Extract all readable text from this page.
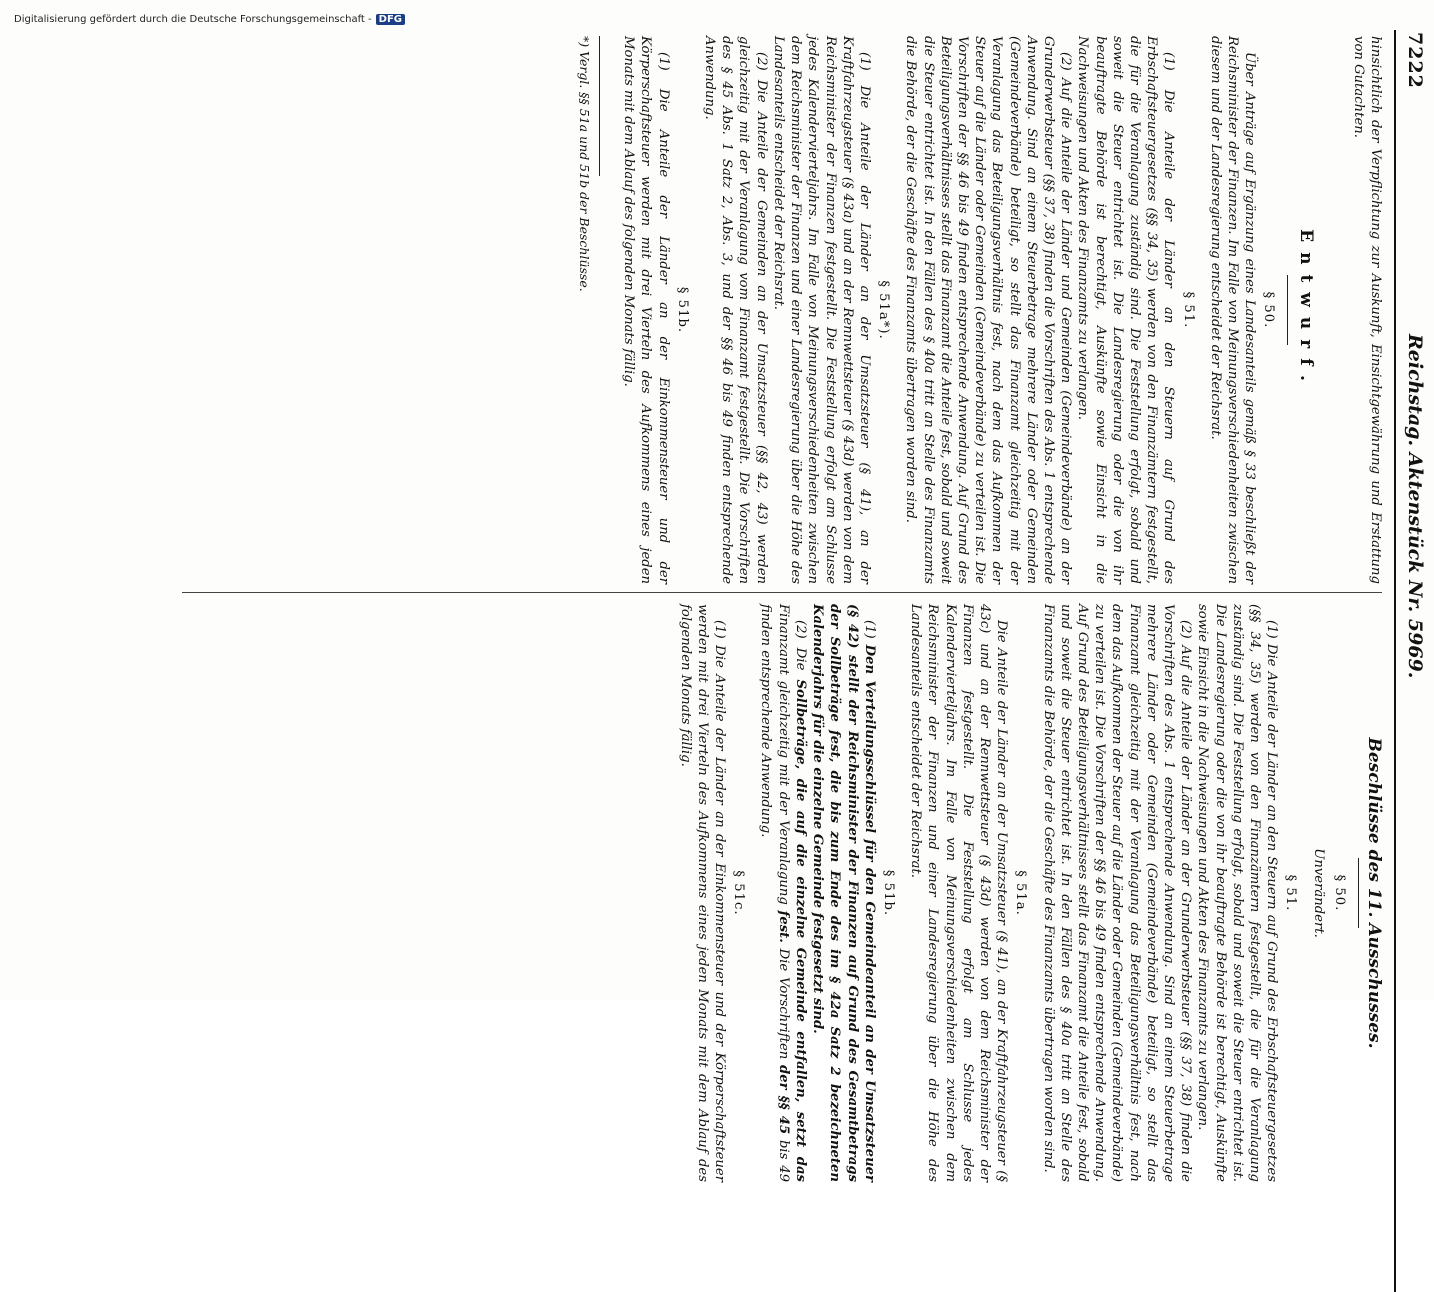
7222
Reichstag. Aktenstück Nr. 5969.

hinsichtlich der Verpflichtung zur Auskunft, Einsichtgewährung und Erstattung von Gutachten.

Entwurf.
§ 50.

Über Anträge auf Ergänzung eines Landesanteils gemäß § 33 beschließt der Reichsminister der Finanzen. Im Falle von Meinungsverschiedenheiten zwischen diesem und der Landesregierung entscheidet der Reichsrat.

§ 51.

(1) Die Anteile der Länder an den Steuern auf Grund des Erbschaftsteuergesetzes (§§ 34, 35) werden von den Finanzämtern festgestellt, die für die Veranlagung zuständig sind. Die Feststellung erfolgt, sobald und soweit die Steuer entrichtet ist. Die Landesregierung oder die von ihr beauftragte Behörde ist berechtigt, Auskünfte sowie Einsicht in die Nachweisungen und Akten des Finanzamts zu verlangen.

(2) Auf die Anteile der Länder und Gemeinden (Gemeindeverbände) an der Grunderwerbsteuer (§§ 37, 38) finden die Vorschriften des Abs. 1 entsprechende Anwendung. Sind an einem Steuerbetrage mehrere Länder oder Gemeinden (Gemeindeverbände) beteiligt, so stellt das Finanzamt gleichzeitig mit der Veranlagung das Beteiligungsverhältnis fest, nach dem das Aufkommen der Steuer auf die Länder oder Gemeinden (Gemeindeverbände) zu verteilen ist. Die Vorschriften der §§ 46 bis 49 finden entsprechende Anwendung. Auf Grund des Beteiligungsverhältnisses stellt das Finanzamt die Anteile fest, sobald und soweit die Steuer entrichtet ist. In den Fällen des § 40a tritt an Stelle des Finanzamts die Behörde, der die Geschäfte des Finanzamts übertragen worden sind.

§ 51a*).

(1) Die Anteile der Länder an der Umsatzsteuer (§ 41), an der Kraftfahrzeugsteuer (§ 43a) und an der Rennwettsteuer (§ 43d) werden von dem Reichsminister der Finanzen festgestellt. Die Feststellung erfolgt am Schlusse jedes Kalendervierteljahrs. Im Falle von Meinungsverschiedenheiten zwischen dem Reichsminister der Finanzen und einer Landesregierung über die Höhe des Landesanteils entscheidet der Reichsrat.

(2) Die Anteile der Gemeinden an der Umsatzsteuer (§§ 42, 43) werden gleichzeitig mit der Veranlagung vom Finanzamt festgestellt. Die Vorschriften des § 45 Abs. 1 Satz 2, Abs. 3, und der §§ 46 bis 49 finden entsprechende Anwendung.

§ 51b.

(1) Die Anteile der Länder an der Einkommensteuer und der Körperschaftsteuer werden mit drei Vierteln des Aufkommens eines jeden Monats mit dem Ablauf des folgenden Monats fällig.

*) Vergl. §§ 51a und 51b der Beschlüsse.
Beschlüsse des 11. Ausschusses.
§ 50.
Unverändert.
§ 51.

(1) Die Anteile der Länder an den Steuern auf Grund des Erbschaftsteuergesetzes (§§ 34, 35) werden von den Finanzämtern festgestellt, die für die Veranlagung zuständig sind. Die Feststellung erfolgt, sobald und soweit die Steuer entrichtet ist. Die Landesregierung oder die von ihr beauftragte Behörde ist berechtigt, Auskünfte sowie Einsicht in die Nachweisungen und Akten des Finanzamts zu verlangen.

(2) Auf die Anteile der Länder an der Grunderwerbsteuer (§§ 37, 38) finden die Vorschriften des Abs. 1 entsprechende Anwendung. Sind an einem Steuerbetrage mehrere Länder oder Gemeinden (Gemeindeverbände) beteiligt, so stellt das Finanzamt gleichzeitig mit der Veranlagung das Beteiligungsverhältnis fest, nach dem das Aufkommen der Steuer auf die Länder oder Gemeinden (Gemeindeverbände) zu verteilen ist. Die Vorschriften der §§ 46 bis 49 finden entsprechende Anwendung. Auf Grund des Beteiligungsverhältnisses stellt das Finanzamt die Anteile fest, sobald und soweit die Steuer entrichtet ist. In den Fällen des § 40a tritt an Stelle des Finanzamts die Behörde, der die Geschäfte des Finanzamts übertragen worden sind.

§ 51a.

Die Anteile der Länder an der Umsatzsteuer (§ 41), an der Kraftfahrzeugsteuer (§ 43c) und an der Rennwettsteuer (§ 43d) werden von dem Reichsminister der Finanzen festgestellt. Die Feststellung erfolgt am Schlusse jedes Kalendervierteljahrs. Im Falle von Meinungsverschiedenheiten zwischen dem Reichsminister der Finanzen und einer Landesregierung über die Höhe des Landesanteils entscheidet der Reichsrat.

§ 51b.

(1) Den Verteilungsschlüssel für den Gemeindeanteil an der Umsatzsteuer (§ 42) stellt der Reichsminister der Finanzen auf Grund des Gesamtbetrags der Sollbeträge fest, die bis zum Ende des im § 42a Satz 2 bezeichneten Kalenderjahrs für die einzelne Gemeinde festgesetzt sind.

(2) Die Sollbeträge, die auf die einzelne Gemeinde entfallen, setzt das Finanzamt gleichzeitig mit der Veranlagung fest. Die Vorschriften der §§ 45 bis 49 finden entsprechende Anwendung.

§ 51c.

(1) Die Anteile der Länder an der Einkommensteuer und der Körperschaftsteuer werden mit drei Vierteln des Aufkommens eines jeden Monats mit dem Ablauf des folgenden Monats fällig.

Digitalisierung gefördert durch die Deutsche Forschungsgemeinschaft - DFG
